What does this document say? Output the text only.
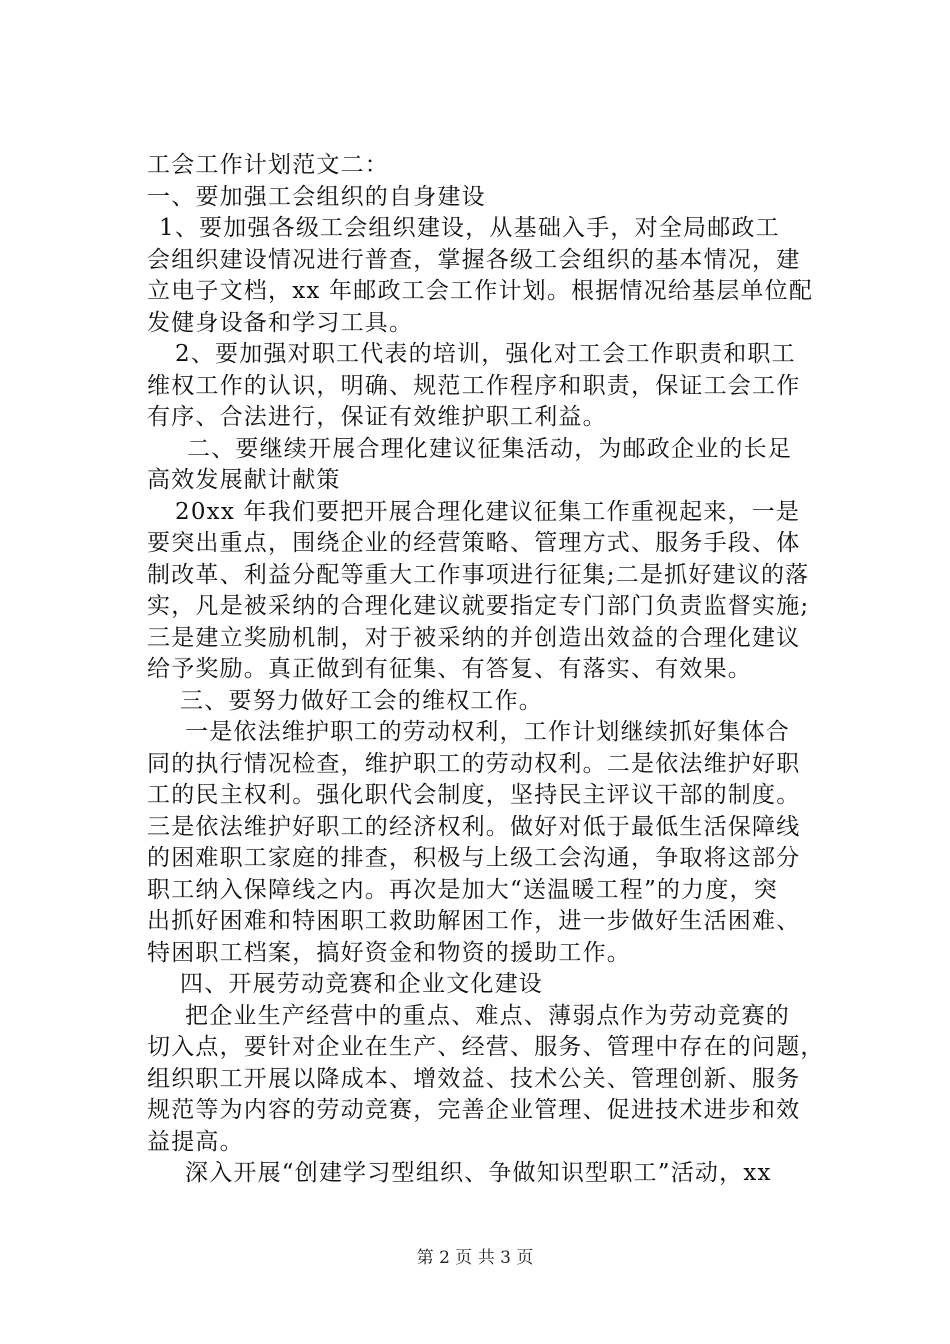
工会工作计划范文二：
一、要加强工会组织的自身建设
1、要加强各级工会组织建设，从基础入手，对全局邮政工
会组织建设情况进行普查，掌握各级工会组织的基本情况，建
立电子文档，xx 年邮政工会工作计划。根据情况给基层单位配
发健身设备和学习工具。
2、要加强对职工代表的培训，强化对工会工作职责和职工
维权工作的认识，明确、规范工作程序和职责，保证工会工作
有序、合法进行，保证有效维护职工利益。
二、要继续开展合理化建议征集活动，为邮政企业的长足
高效发展献计献策
20xx 年我们要把开展合理化建议征集工作重视起来，一是
要突出重点，围绕企业的经营策略、管理方式、服务手段、体
制改革、利益分配等重大工作事项进行征集;二是抓好建议的落
实，凡是被采纳的合理化建议就要指定专门部门负责监督实施;
三是建立奖励机制，对于被采纳的并创造出效益的合理化建议
给予奖励。真正做到有征集、有答复、有落实、有效果。
三、要努力做好工会的维权工作。
一是依法维护职工的劳动权利，工作计划继续抓好集体合
同的执行情况检查，维护职工的劳动权利。二是依法维护好职
工的民主权利。强化职代会制度，坚持民主评议干部的制度。
三是依法维护好职工的经济权利。做好对低于最低生活保障线
的困难职工家庭的排查，积极与上级工会沟通，争取将这部分
职工纳入保障线之内。再次是加大“送温暖工程”的力度，突
出抓好困难和特困职工救助解困工作，进一步做好生活困难、
特困职工档案，搞好资金和物资的援助工作。
四、开展劳动竞赛和企业文化建设
把企业生产经营中的重点、难点、薄弱点作为劳动竞赛的
切入点，要针对企业在生产、经营、服务、管理中存在的问题，
组织职工开展以降成本、增效益、技术公关、管理创新、服务
规范等为内容的劳动竞赛，完善企业管理、促进技术进步和效
益提高。
深入开展“创建学习型组织、争做知识型职工”活动，xx
第 2 页 共 3 页
